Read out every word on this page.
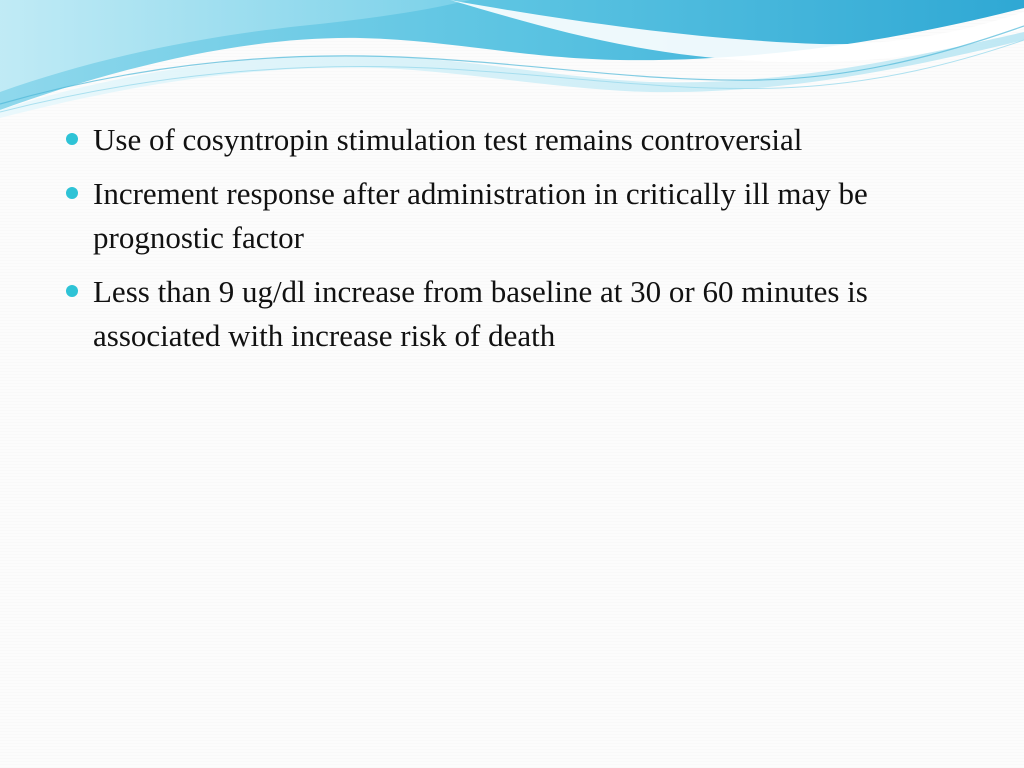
Use of cosyntropin stimulation test remains controversial
Increment response after administration in critically ill may be prognostic factor
Less than 9 ug/dl increase from baseline at 30 or 60 minutes is associated with increase risk of death
